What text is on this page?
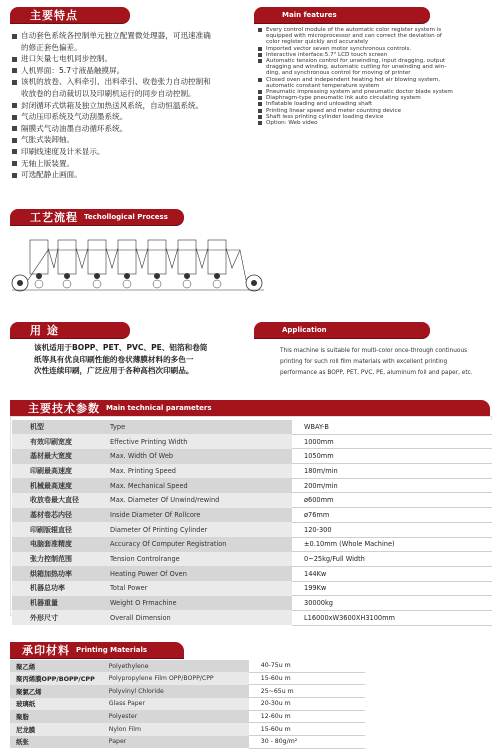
主要特点	Main features
自动套色系统各控制单元独立配置微处理器，可迅速准确
的修正套色偏差。
进口矢量七电机同步控制。
人机界面：5.7寸液晶触摸屏。
该机的放卷、入料牵引、出料牵引、收卷张力自动控制和
收放卷的自动裁切以及印刷机运行的同步自动控制。
封闭循环式烘箱及独立加热送风系统，自动恒温系统。
气动压印系统及气动刮墨系统。
隔膜式气动油墨自动循环系统。
气胀式装卸轴。
印刷线速度及计米显示。
无轴上版装置。
可选配静止画面。
Every control module of the automatic color register system is
equipped with microprocessor and can correct the deviation of
color register quickly and accurately
Imported vector seven motor synchronous controls.
Interactive interface:5.7" LCD touch screen
Automatic tension control for unwinding, input dragging, output
dragging and winding, automatic cutting for unwinding and win-
ding, and synchronous control for moving of printer
Closed oven and independent heating hot air blowing system,
automatic constant temperature system
Pneumatic impressing system and pneumatic doctor blade system
Diaphragm-type pneumatic ink auto circulating system
Inflatable loading and unloading shaft
Printing linear speed and meter counting device
Shaft less printing cylinder loading device
Option: Web video
工艺流程 Techollogical Process
用 途	Application
该机适用于BOPP、PET、PVC、PE、铝箔和卷筒
纸等具有优良印刷性能的卷状薄膜材料的多色一
次性连续印刷，广泛应用于各种高档次印刷品。
This machine is suitable for multi-color once-through continuous
printing for such roll film materials with excellent printing
performance as BOPP, PET, PVC, PE, aluminum foil and paper, etc.
主要技术参数 Main technical parameters
机型	Type	WBAY-B
有效印刷宽度	Effective Printing Width	1000mm
基材最大宽度	Max. Width Of Web	1050mm
印刷最高速度	Max. Printing Speed	180m/min
机械最高速度	Max. Mechanical Speed	200m/min
收放卷最大直径	Max. Diameter Of Unwind/rewind	ø600mm
基材卷芯内径	Inside Diameter Of Rollcore	ø76mm
印刷版辊直径	Diameter Of Printing Cylinder	120-300
电脑套准精度	Accuracy Of Computer Registration	±0.10mm (Whole Machine)
张力控制范围	Tension Controlrange	0~25kg/Full Width
烘箱加热功率	Heating Power Of Oven	144Kw
机器总功率	Total Power	199Kw
机器重量	Weight O Frmachine	30000kg
外形尺寸	Overall Dimension	L16000xW3600XH3100mm
承印材料 Printing Materials
聚乙烯	Polyethylene	40-75u m
聚丙烯膜OPP/BOPP/CPP	Polypropylene Film OPP/BOPP/CPP	15-60u m
聚氯乙烯	Polyvinyl Chloride	25~65u m
玻璃纸	Glass Paper	20-30u m
聚脂	Polyester	12-60u m
尼龙膜	Nylon Film	15-60u m
纸张	Paper	30 - 80g/m²
